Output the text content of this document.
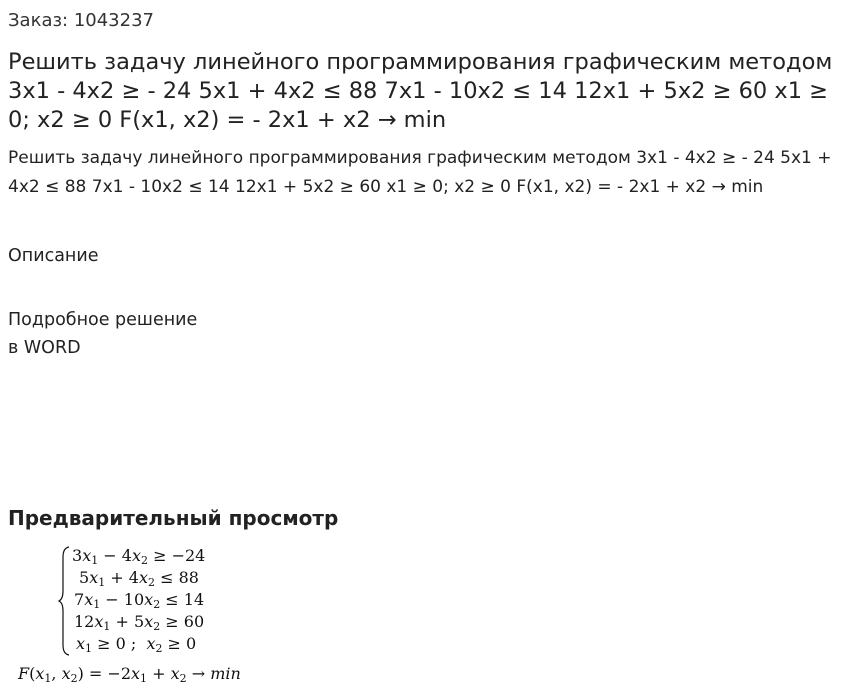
Заказ: 1043237
Решить задачу линейного программирования графическим методом 3x1 - 4x2 ≥ - 24 5x1 + 4x2 ≤ 88 7x1 - 10x2 ≤ 14 12x1 + 5x2 ≥ 60 x1 ≥ 0; x2 ≥ 0 F(x1, x2) = - 2x1 + x2 → min
Решить задачу линейного программирования графическим методом 3x1 - 4x2 ≥ - 24 5x1 + 4x2 ≤ 88 7x1 - 10x2 ≤ 14 12x1 + 5x2 ≥ 60 x1 ≥ 0; x2 ≥ 0 F(x1, x2) = - 2x1 + x2 → min
Описание
Подробное решение
в WORD
Предварительный просмотр
$3x_1 - 4x_2 \ge -24$
$5x_1 + 4x_2 \le 88$
$7x_1 - 10x_2 \le 14$
$12x_1 + 5x_2 \ge 60$
$x_1 \ge 0$ ;  $x_2 \ge 0$
$F(x_1$, $x_2) = -2x_1 + x_2 \to \min$
